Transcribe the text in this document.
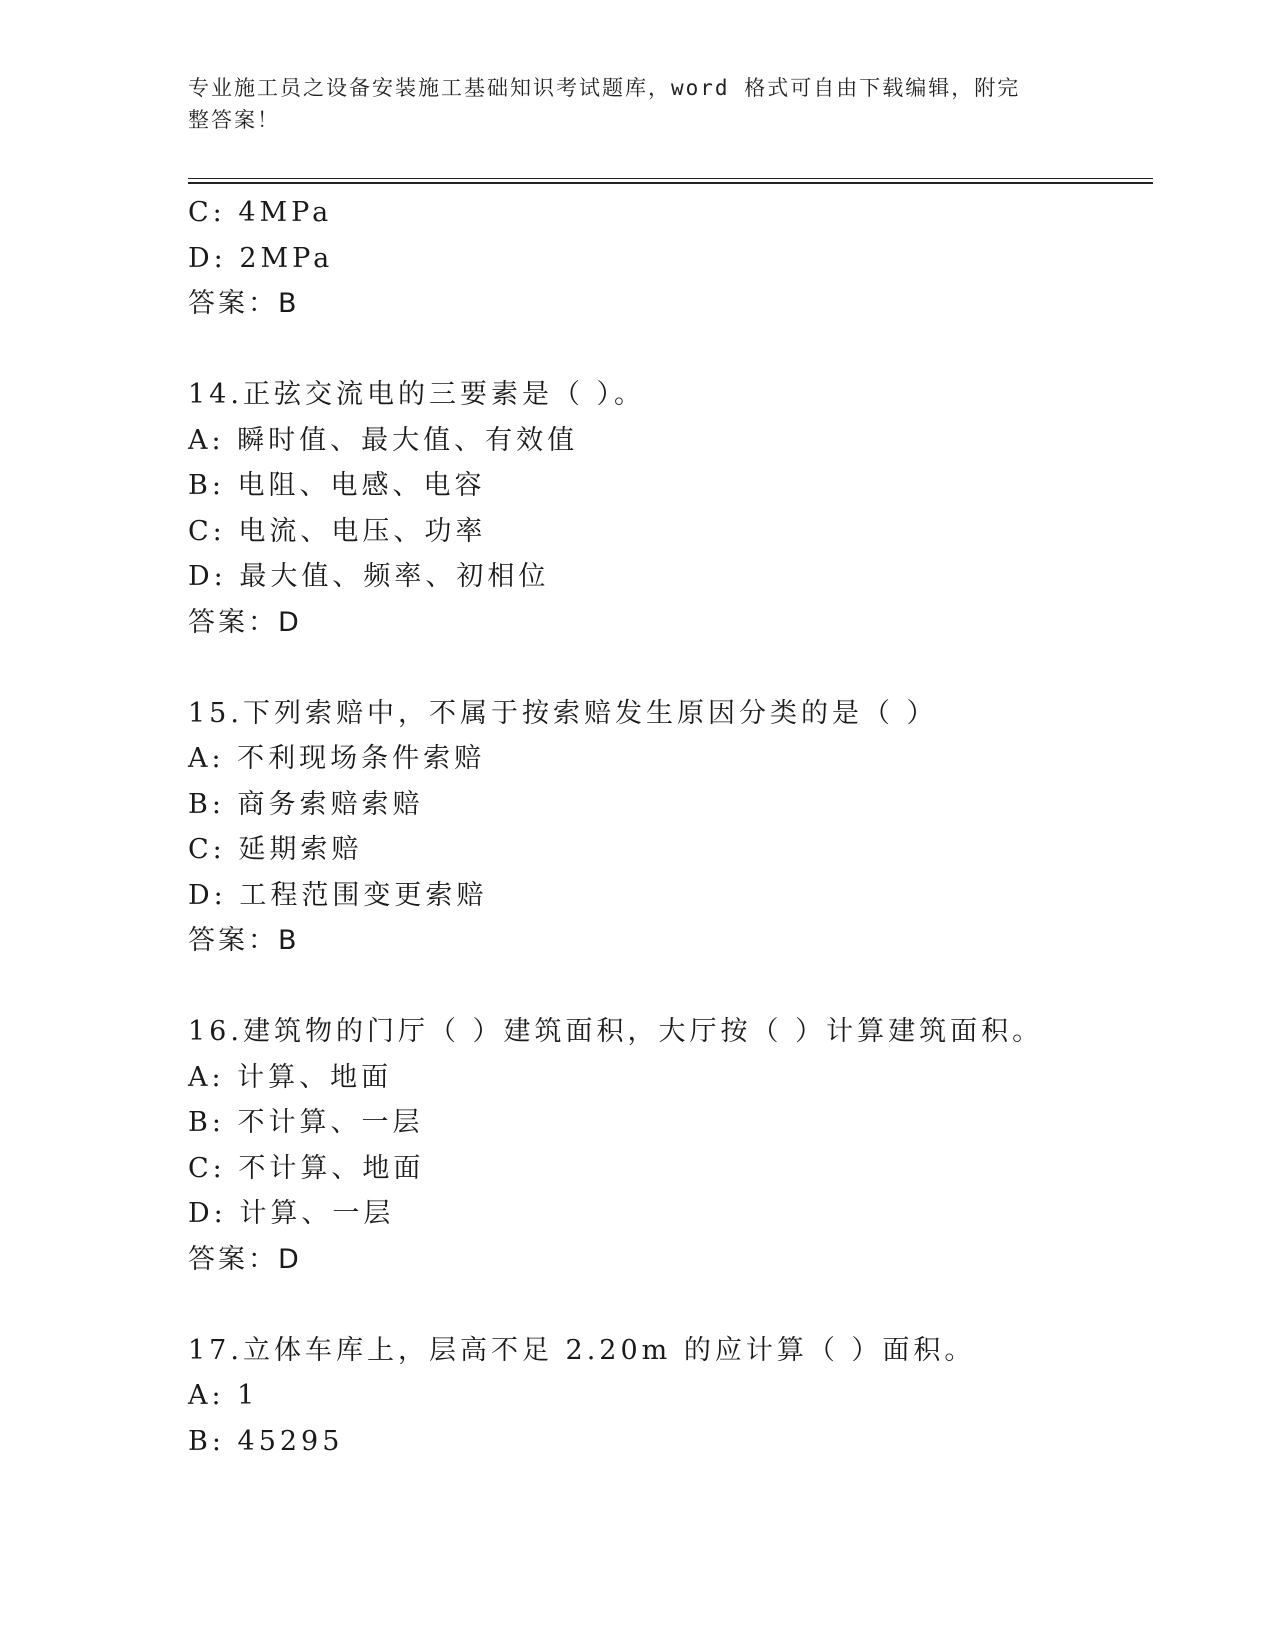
专业施工员之设备安装施工基础知识考试题库，word 格式可自由下载编辑，附完
整答案！
C: 4MPa
D: 2MPa
答案：B
14.正弦交流电的三要素是（ ）。
A: 瞬时值、最大值、有效值
B: 电阻、电感、电容
C: 电流、电压、功率
D: 最大值、频率、初相位
答案：D
15.下列索赔中，不属于按索赔发生原因分类的是（ ）
A: 不利现场条件索赔
B: 商务索赔索赔
C: 延期索赔
D: 工程范围变更索赔
答案：B
16.建筑物的门厅（ ）建筑面积，大厅按（ ）计算建筑面积。
A: 计算、地面
B: 不计算、一层
C: 不计算、地面
D: 计算、一层
答案：D
17.立体车库上，层高不足 2.20m 的应计算（ ）面积。
A: 1
B: 45295
